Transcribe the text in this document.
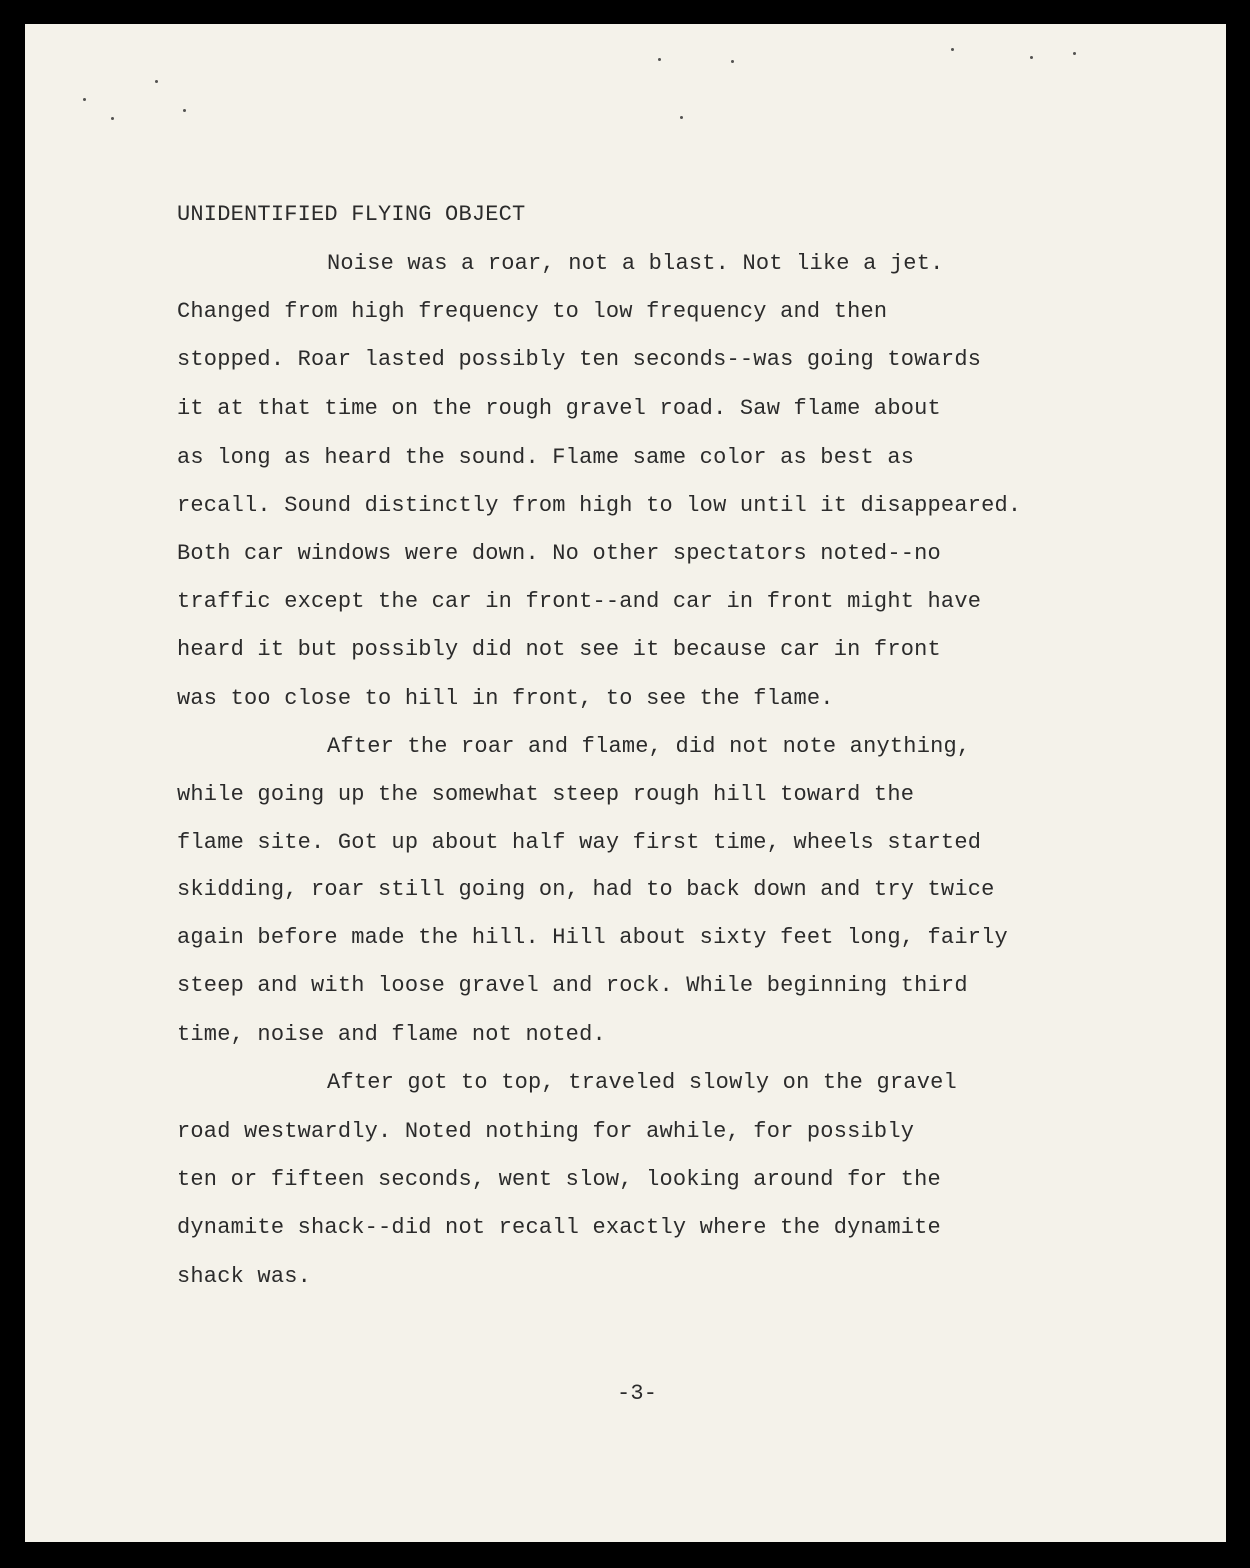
UNIDENTIFIED FLYING OBJECT
Noise was a roar, not a blast. Not like a jet.
Changed from high frequency to low frequency and then
stopped. Roar lasted possibly ten seconds--was going towards
it at that time on the rough gravel road. Saw flame about
as long as heard the sound. Flame same color as best as
recall. Sound distinctly from high to low until it disappeared.
Both car windows were down. No other spectators noted--no
traffic except the car in front--and car in front might have
heard it but possibly did not see it because car in front
was too close to hill in front, to see the flame.
After the roar and flame, did not note anything,
while going up the somewhat steep rough hill toward the
flame site. Got up about half way first time, wheels started
skidding, roar still going on, had to back down and try twice
again before made the hill. Hill about sixty feet long, fairly
steep and with loose gravel and rock. While beginning third
time, noise and flame not noted.
After got to top, traveled slowly on the gravel
road westwardly. Noted nothing for awhile, for possibly
ten or fifteen seconds, went slow, looking around for the
dynamite shack--did not recall exactly where the dynamite
shack was.
-3-
